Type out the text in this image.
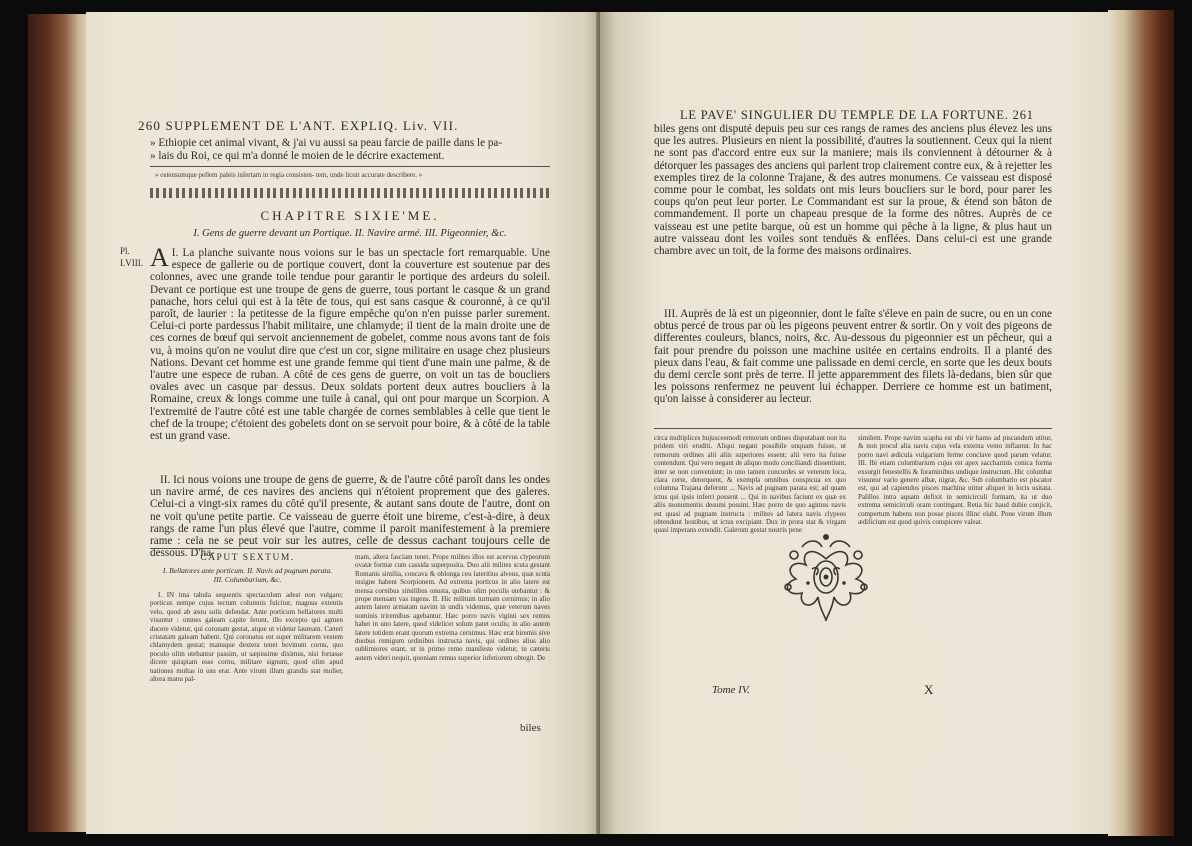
260 SUPPLEMENT DE L'ANT. EXPLIQ. Liv. VII.
» Ethiopie cet animal vivant, & j'ai vu aussi sa peau farcie de paille dans le pa-
» lais du Roi, ce qui m'a donné le moien de le décrire exactement.
» ostensumque pellem paleis infertam in regia consisten- tem, unde licuit accurate describere. »
CHAPITRE SIXIE'ME.
I. Gens de guerre devant un Portique. II. Navire armé. III. Pigeonnier, &c.
Pl.
I.VIII.

I.
A La planche suivante nous voions sur le bas un spectacle fort remarquable. Une espece de gallerie ou de portique couvert, dont la couverture est soutenue par des colonnes, avec une grande toile tendue pour garantir le portique des ardeurs du soleil. Devant ce portique est une troupe de gens de guerre, tous portant le casque & un grand panache, hors celui qui est à la tête de tous, qui est sans casque & couronné, à ce qu'il paroît, de laurier : la petitesse de la figure empêche qu'on n'en puisse parler surement. Celui-ci porte pardessus l'habit militaire, une chlamyde; il tient de la main droite une de ces cornes de bœuf qui servoit anciennement de gobelet, comme nous avons tant de fois vu, à moins qu'on ne voulut dire que c'est un cor, signe militaire en usage chez plusieurs Nations. Devant cet homme est une grande femme qui tient d'une main une palme, & de l'autre une espece de ruban. A côté de ces gens de guerre, on voit un tas de boucliers ovales avec un casque par dessus. Deux soldats portent deux autres boucliers à la Romaine, creux & longs comme une tuile à canal, qui ont pour marque un Scorpion. A l'extremité de l'autre côté est une table chargée de cornes semblables à celle que tient le chef de la troupe; c'étoient des gobelets dont on se servoit pour boire, & à côté de la table est un grand vase.

II. Ici nous voions une troupe de gens de guerre, & de l'autre côté paroît dans les ondes un navire armé, de ces navires des anciens qui n'étoient proprement que des galeres. Celui-ci a vingt-six rames du côté qu'il presente, & autant sans doute de l'autre, dont on ne voit qu'une petite partie. Ce vaisseau de guerre étoit une bireme, c'est-à-dire, à deux rangs de rame l'un plus élevé que l'autre, comme il paroit manifestement à la premiere rame : cela ne se peut voir sur les autres, celle de dessus cachant toujours celle de dessous. D'ha-

CAPUT SEXTUM.
I. Bellatores ante porticum. II. Navis ad pugnam parata.
III. Columbarium, &c.

I. IN ima tabula sequentis spectaculum adest non vulgare; porticus nempe cujus tectum columnis fulcitur, magnus extentis velo, quod ab æstu solis defendat. Ante porticum bellatores multi visuntur : omnes galeam capite ferunt, illo excepto qui agmen ducere videtur, qui coronam gestat, atque ut videtur lauream. Cæteri cristatam galeam habent. Qui coronatus est super militarem vestem chlamydem gestat; manuque dextera tenet bovinum cornu, quo poculo olim utebantur passim, ut sæpissime diximus, nisi fortasse dicere quispiam esse cornu, militare signum, quod olim apud nationes multas in usu erat. Ante virum illum grandis stat mulier, altera manu pal-

mam, altera fasciam tenet. Prope milites illos est acervus clypeorum ovatæ formæ cum cassida superposita. Duo alii milites scuta gestant Romanis similia, concava & oblonga ceu lateritius alveus, quæ scuta insigne habent Scorpionem. Ad extrema porticus in alio latere est mensa cornibus similibus onusta, quibus olim poculis utebantur : & prope mensam vas ingens. II. Hic militum turmam cernimus; in alio autem latere armatam navim in undis videmus, quæ veterum naves nominis triremibus agebantur. Hæc porro navis viginti sex remos habet in uno latere, quod videlicet solum patet oculis; in alio autem latere totidem erant quorum extrema cernimus. Hæc erat biremis sive duobus remigum ordinibus instructa navis, qui ordines alius alio sublimiores erant, ut in primo remo manifeste videtur, in cæteris autem videri nequit, quoniam remus superior inferiorem obtegit. De

biles
LE PAVE' SINGULIER DU TEMPLE DE LA FORTUNE. 261

biles gens ont disputé depuis peu sur ces rangs de rames des anciens plus élevez les uns que les autres. Plusieurs en nient la possibilité, d'autres la soutiennent. Ceux qui la nient ne sont pas d'accord entre eux sur la maniere; mais ils conviennent à détourner & à détorquer les passages des anciens qui parlent trop clairement contre eux, & à rejetter les exemples tirez de la colonne Trajane, & des autres monumens. Ce vaisseau est disposé comme pour le combat, les soldats ont mis leurs boucliers sur le bord, pour parer les coups qu'on peut leur porter. Le Commandant est sur la proue, & étend son bâton de commandement. Il porte un chapeau presque de la forme des nôtres. Auprès de ce vaisseau est une petite barque, où est un homme qui pêche à la ligne, & plus haut un autre vaisseau dont les voiles sont tenduës & enflées. Dans celui-ci est une grande chambre avec un toit, de la forme des maisons ordinaires.

III. Auprès de là est un pigeonnier, dont le faîte s'éleve en pain de sucre, ou en un cone obtus percé de trous par où les pigeons peuvent entrer & sortir. On y voit des pigeons de differentes couleurs, blancs, noirs, &c. Au-dessous du pigeonnier est un pêcheur, qui a fait pour prendre du poisson une machine usitée en certains endroits. Il a planté des pieux dans l'eau, & fait comme une palissade en demi cercle, en sorte que les deux bouts du demi cercle sont près de terre. Il jette apparemment des filets là-dedans, bien sûr que les poissons renfermez ne peuvent lui échapper. Derriere ce homme est un batiment, qu'on laisse à considerer au lecteur.

circa multiplices hujusceemodi remorum ordines disputabant non ita pridem viri eruditi. Aliqui negant possibile unquam fuisse, ut remorum ordines alii aliis superiores essent; alii vero ita fuisse contendunt. Qui vero negant de aliquo modo conciliandi dissentiunt, inter se non conveniunt; in uno tamen concordes se veterum loca, clara certe, detorquent, & exempla omnibus conspicua ex quo columna Trajana deferunt ... Navis ad pugnam parata est; ad quam ictus qui ipsis inferri possent ... Qui in navibus faciunt ex quæ ex aliis monumentis desumi possint. Hæc porro de quo agimus navis est quasi ad pugnam instructa : milites ad latera navis clypeos obtendunt hostibus, ut ictus excipiant. Dux in prora stat & virgam quasi imperans extendit. Galerum gestat nostris pene

similem. Prope navim scapha est ubi vir hamo ad piscandum utitur, & non procul alia navis cujus vela extenta vento inflantur. In hac porro navi ædicula vulgarium ferme conclave quod parum velatur. III. Ibi etiam columbarium cujus est apex saccharinis conica forma exsurgit fenestellis & foraminibus undique instructum. Hic columbæ visuntur vario genere albæ, nigræ, &c. Sub columbario est piscator est, qui ad capiendos pisces machina utitur aliquot in locis usitata. Palillos intra aquam defixit in semicirculi formam, ita ut duo extrema semicirculi oram contingant. Retia hic haud dubie conjicit, compertum habens non posse pisces illinc elabi. Pone virum illum ædificium est quod quivis conspicere valeat.

Tome IV.	X
